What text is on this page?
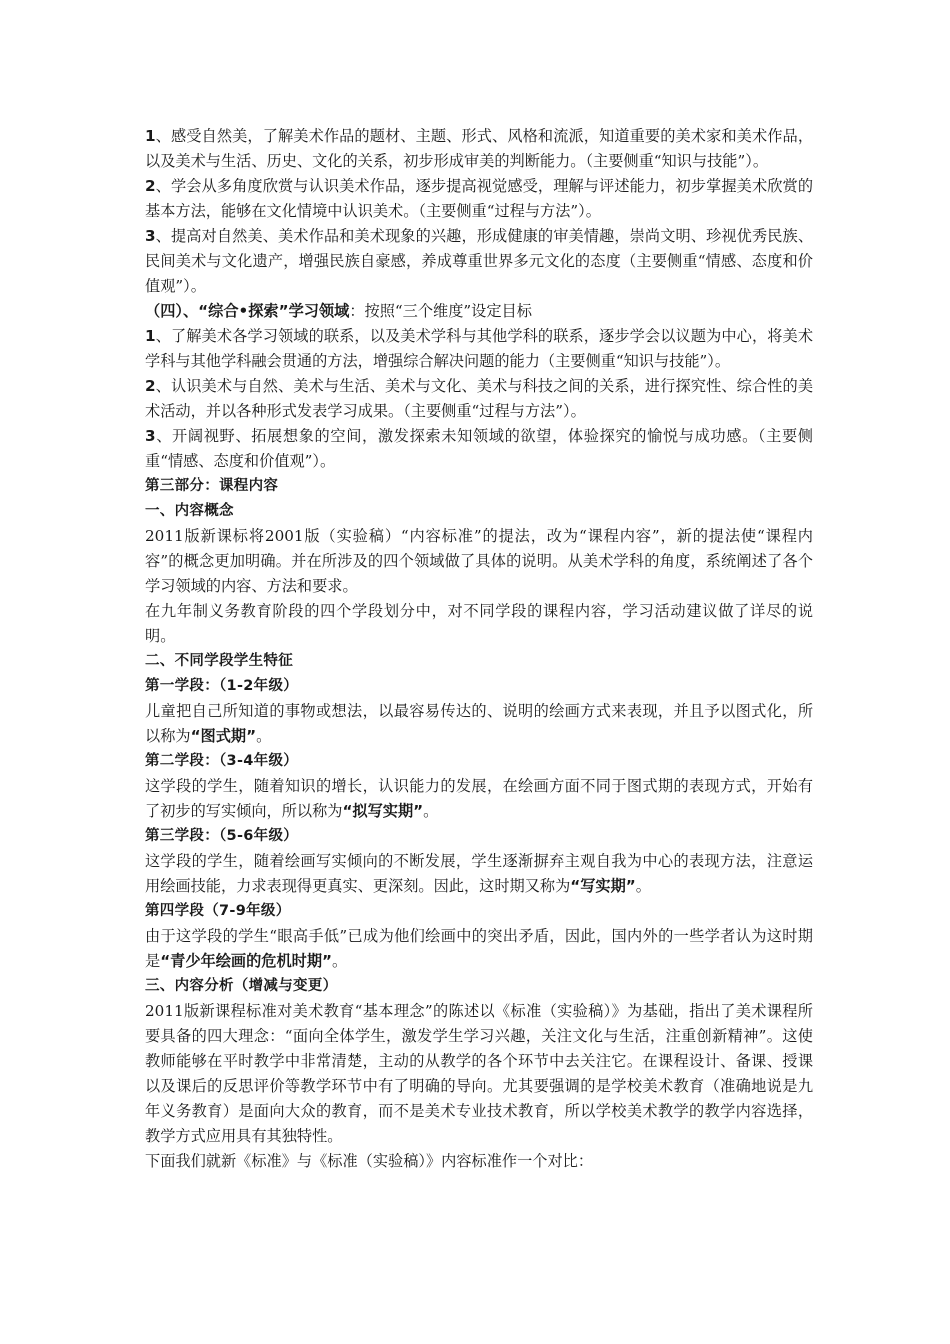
1、感受自然美，了解美术作品的题材、主题、形式、风格和流派，知道重要的美术家和美术作品，以及美术与生活、历史、文化的关系，初步形成审美的判断能力。（主要侧重“知识与技能”）。

2、学会从多角度欣赏与认识美术作品，逐步提高视觉感受，理解与评述能力，初步掌握美术欣赏的基本方法，能够在文化情境中认识美术。（主要侧重“过程与方法”）。

3、提高对自然美、美术作品和美术现象的兴趣，形成健康的审美情趣，崇尚文明、珍视优秀民族、民间美术与文化遗产，增强民族自豪感，养成尊重世界多元文化的态度（主要侧重“情感、态度和价值观”）。

（四）、“综合•探索”学习领域：按照“三个维度”设定目标

1、了解美术各学习领域的联系，以及美术学科与其他学科的联系，逐步学会以议题为中心，将美术学科与其他学科融会贯通的方法，增强综合解决问题的能力（主要侧重“知识与技能”）。

2、认识美术与自然、美术与生活、美术与文化、美术与科技之间的关系，进行探究性、综合性的美术活动，并以各种形式发表学习成果。（主要侧重“过程与方法”）。

3、开阔视野、拓展想象的空间，激发探索未知领域的欲望，体验探究的愉悦与成功感。（主要侧重“情感、态度和价值观”）。

第三部分：课程内容

一、内容概念

2011版新课标将2001版（实验稿）“内容标准”的提法，改为“课程内容”，新的提法使“课程内容”的概念更加明确。并在所涉及的四个领域做了具体的说明。从美术学科的角度，系统阐述了各个学习领域的内容、方法和要求。

在九年制义务教育阶段的四个学段划分中，对不同学段的课程内容，学习活动建议做了详尽的说明。

二、不同学段学生特征

第一学段：（1-2年级）

儿童把自己所知道的事物或想法，以最容易传达的、说明的绘画方式来表现，并且予以图式化，所以称为“图式期”。

第二学段：（3-4年级）

这学段的学生，随着知识的增长，认识能力的发展，在绘画方面不同于图式期的表现方式，开始有了初步的写实倾向，所以称为“拟写实期”。

第三学段：（5-6年级）

这学段的学生，随着绘画写实倾向的不断发展，学生逐渐摒弃主观自我为中心的表现方法，注意运用绘画技能，力求表现得更真实、更深刻。因此，这时期又称为“写实期”。

第四学段（7-9年级）

由于这学段的学生“眼高手低”已成为他们绘画中的突出矛盾，因此，国内外的一些学者认为这时期是“青少年绘画的危机时期”。

三、内容分析（增减与变更）

2011版新课程标准对美术教育“基本理念”的陈述以《标准（实验稿）》为基础，指出了美术课程所要具备的四大理念：“面向全体学生，激发学生学习兴趣，关注文化与生活，注重创新精神”。这使教师能够在平时教学中非常清楚，主动的从教学的各个环节中去关注它。在课程设计、备课、授课以及课后的反思评价等教学环节中有了明确的导向。尤其要强调的是学校美术教育（准确地说是九年义务教育）是面向大众的教育，而不是美术专业技术教育，所以学校美术教学的教学内容选择，教学方式应用具有其独特性。

下面我们就新《标准》与《标准（实验稿）》内容标准作一个对比：
